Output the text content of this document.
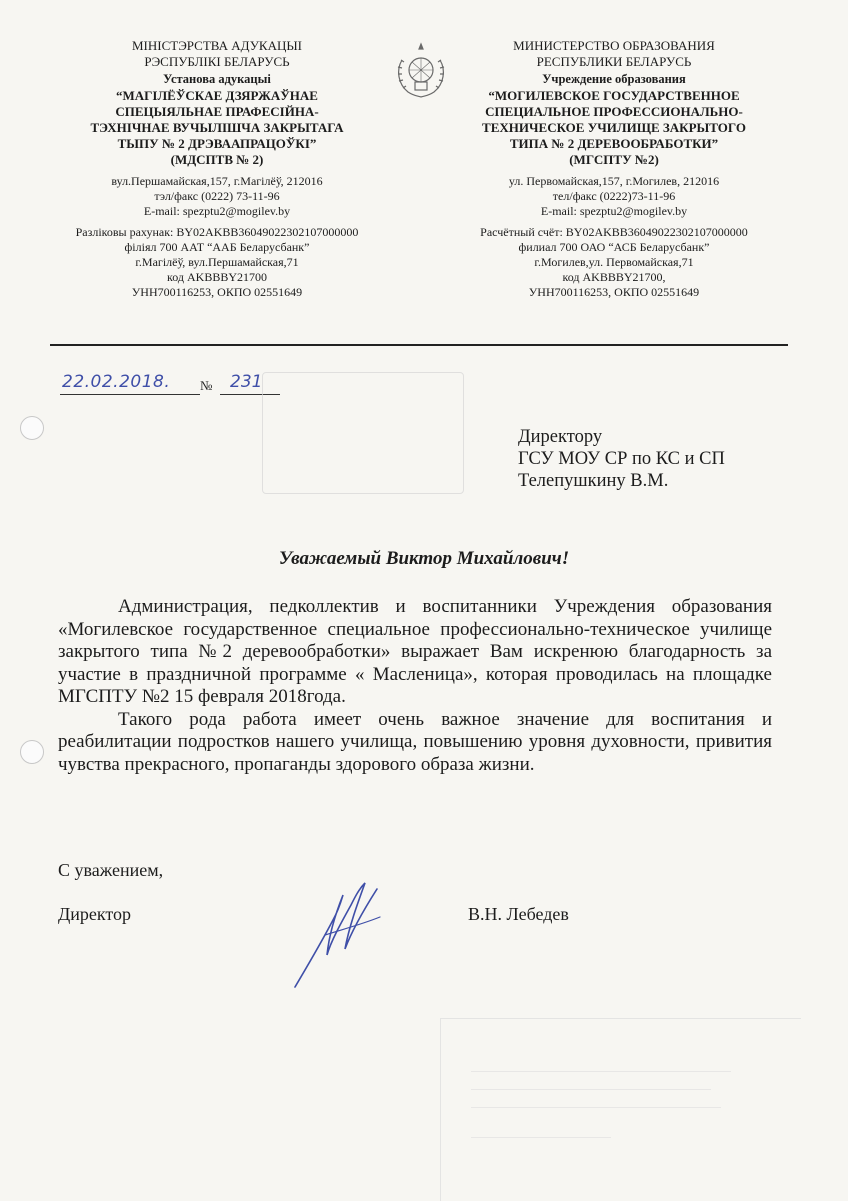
МІНІСТЭРСТВА АДУКАЦЫІ
РЭСПУБЛІКІ БЕЛАРУСЬ
Установа адукацыі
“МАГІЛЁЎСКАЕ ДЗЯРЖАЎНАЕ
СПЕЦЫЯЛЬНАЕ ПРАФЕСІЙНА-
ТЭХНІЧНАЕ ВУЧЫЛІШЧА ЗАКРЫТАГА
ТЫПУ № 2 ДРЭВААПРАЦОЎКІ”
(МДСПТВ № 2)
вул.Першамайская,157, г.Магілёў, 212016
тэл/факс (0222) 73-11-96
E-mail: spezptu2@mogilev.by
Разліковы рахунак: BY02AKBB36049022302107000000
філіял 700 ААТ “ААБ Беларусбанк”
г.Магілёў, вул.Першамайская,71
код AKBBBY21700
УНН700116253, ОКПО 02551649
МИНИСТЕРСТВО ОБРАЗОВАНИЯ
РЕСПУБЛИКИ БЕЛАРУСЬ
Учреждение образования
“МОГИЛЕВСКОЕ ГОСУДАРСТВЕННОЕ
СПЕЦИАЛЬНОЕ ПРОФЕССИОНАЛЬНО-
ТЕХНИЧЕСКОЕ УЧИЛИЩЕ ЗАКРЫТОГО
ТИПА № 2 ДЕРЕВООБРАБОТКИ”
(МГСПТУ №2)
ул. Первомайская,157, г.Могилев, 212016
тел/факс (0222)73-11-96
E-mail: spezptu2@mogilev.by
Расчётный счёт: BY02AKBB36049022302107000000
филиал 700 ОАО “АСБ Беларусбанк”
г.Могилев,ул. Первомайская,71
код AKBBBY21700,
УНН700116253, ОКПО 02551649
22.02.2018. № 231
Директору
ГСУ МОУ СР по КС и СП
Телепушкину В.М.
Уважаемый Виктор Михайлович!

Администрация, педколлектив и воспитанники Учреждения образования «Могилевское государственное специальное профессионально-техническое училище закрытого типа №2 деревообработки» выражает Вам искренюю благодарность за участие в праздничной программе « Масленица», которая проводилась на площадке МГСПТУ №2 15 февраля 2018года.

Такого рода работа имеет очень важное значение для воспитания и реабилитации подростков нашего училища, повышению уровня духовности, привития чувства прекрасного, пропаганды здорового образа жизни.

С уважением,
Директор	В.Н. Лебедев
